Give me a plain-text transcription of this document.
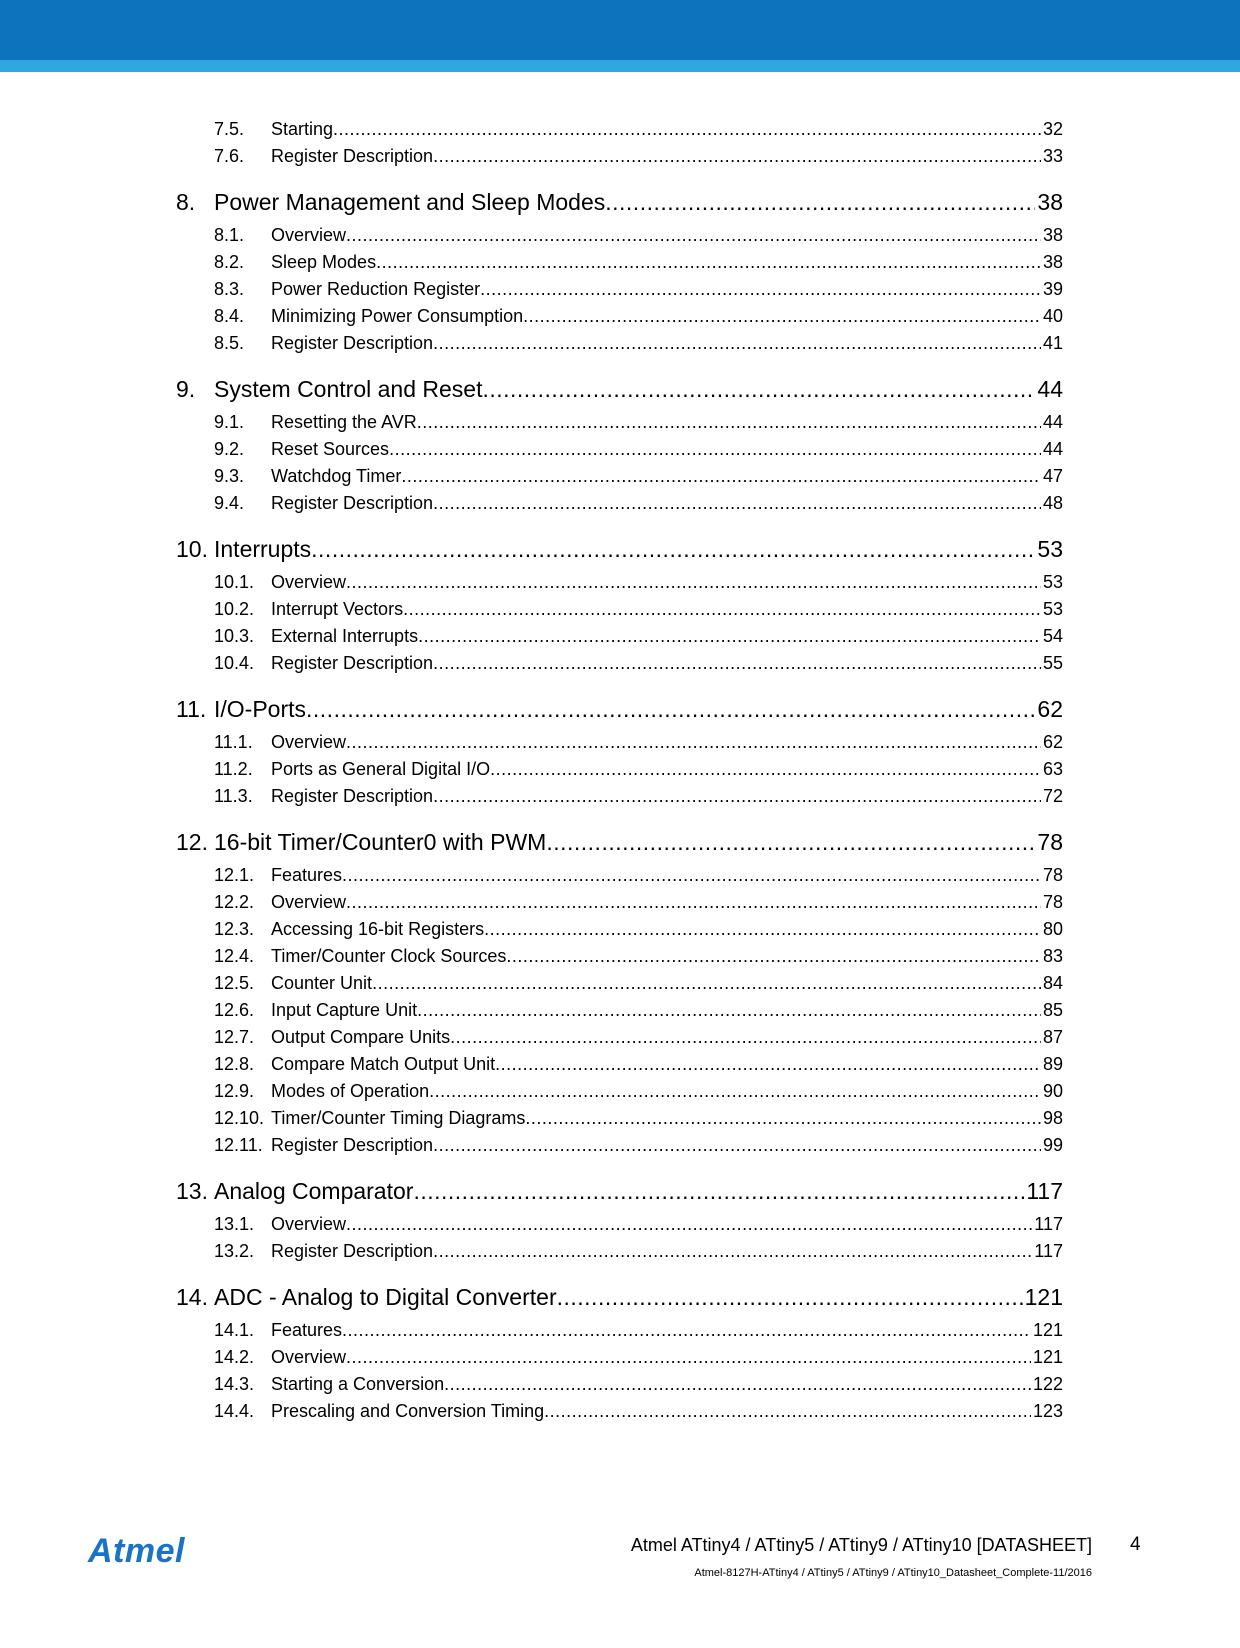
7.5.	Starting .....	32
7.6.	Register Description .....	33
8. Power Management and Sleep Modes .....	38
8.1.	Overview .....	38
8.2.	Sleep Modes .....	38
8.3.	Power Reduction Register .....	39
8.4.	Minimizing Power Consumption .....	40
8.5.	Register Description .....	41
9. System Control and Reset .....	44
9.1.	Resetting the AVR .....	44
9.2.	Reset Sources .....	44
9.3.	Watchdog Timer .....	47
9.4.	Register Description .....	48
10. Interrupts .....	53
10.1. Overview .....	53
10.2. Interrupt Vectors .....	53
10.3. External Interrupts .....	54
10.4. Register Description .....	55
11. I/O-Ports .....	62
11.1.	Overview .....	62
11.2.	Ports as General Digital I/O .....	63
11.3.	Register Description .....	72
12. 16-bit Timer/Counter0 with PWM .....	78
12.1. Features .....	78
12.2. Overview .....	78
12.3. Accessing 16-bit Registers .....	80
12.4. Timer/Counter Clock Sources .....	83
12.5. Counter Unit .....	84
12.6. Input Capture Unit .....	85
12.7. Output Compare Units .....	87
12.8. Compare Match Output Unit .....	89
12.9. Modes of Operation .....	90
12.10. Timer/Counter Timing Diagrams .....	98
12.11. Register Description .....	99
13. Analog Comparator .....	117
13.1. Overview .....	117
13.2. Register Description .....	117
14. ADC - Analog to Digital Converter .....	121
14.1. Features .....	121
14.2. Overview .....	121
14.3. Starting a Conversion .....	122
14.4. Prescaling and Conversion Timing .....	123
Atmel	Atmel ATtiny4 / ATtiny5 / ATtiny9 / ATtiny10 [DATASHEET] 4
Atmel-8127H-ATtiny4 / ATtiny5 / ATtiny9 / ATtiny10_Datasheet_Complete-11/2016
